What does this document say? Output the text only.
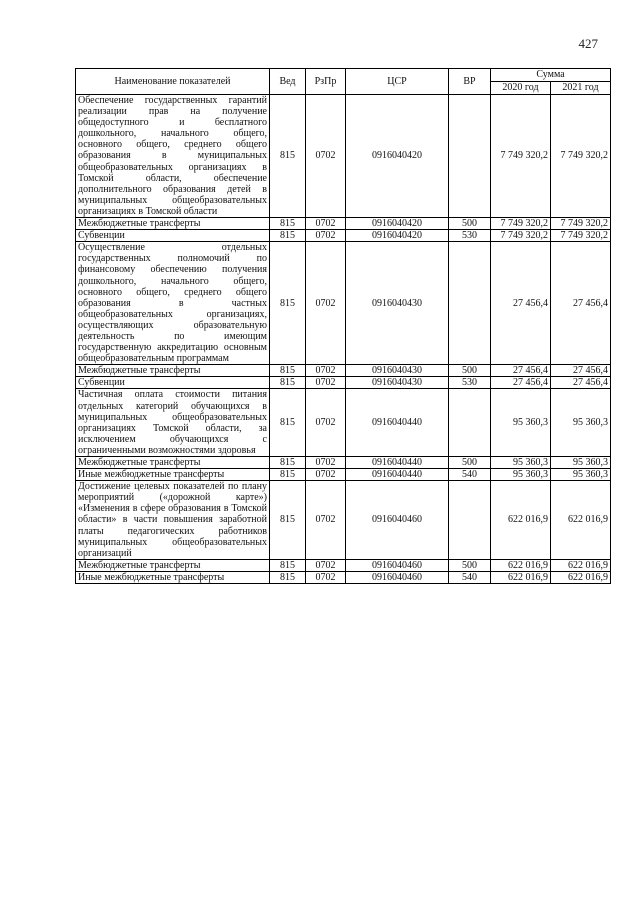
427
Наименование показателей	Вед	РзПр	ЦСР	ВР	Сумма	
					2020 год	2021 год
Обеспечение государственных гарантий реализации прав на получение общедоступного и бесплатного дошкольного, начального общего, основного общего, среднего общего образования в муниципальных общеобразовательных организациях в Томской области, обеспечение дополнительного образования детей в муниципальных общеобразовательных организациях в Томской области	815	0702	0916040420		7 749 320,2	7 749 320,2
Межбюджетные трансферты	815	0702	0916040420	500	7 749 320,2	7 749 320,2
Субвенции	815	0702	0916040420	530	7 749 320,2	7 749 320,2
Осуществление отдельных государственных полномочий по финансовому обеспечению получения дошкольного, начального общего, основного общего, среднего общего образования в частных общеобразовательных организациях, осуществляющих образовательную деятельность по имеющим государственную аккредитацию основным общеобразовательным программам	815	0702	0916040430		27 456,4	27 456,4
Межбюджетные трансферты	815	0702	0916040430	500	27 456,4	27 456,4
Субвенции	815	0702	0916040430	530	27 456,4	27 456,4
Частичная оплата стоимости питания отдельных категорий обучающихся в муниципальных общеобразовательных организациях Томской области, за исключением обучающихся с ограниченными возможностями здоровья	815	0702	0916040440		95 360,3	95 360,3
Межбюджетные трансферты	815	0702	0916040440	500	95 360,3	95 360,3
Иные межбюджетные трансферты	815	0702	0916040440	540	95 360,3	95 360,3
Достижение целевых показателей по плану мероприятий («дорожной карте») «Изменения в сфере образования в Томской области» в части повышения заработной платы педагогических работников муниципальных общеобразовательных организаций	815	0702	0916040460		622 016,9	622 016,9
Межбюджетные трансферты	815	0702	0916040460	500	622 016,9	622 016,9
Иные межбюджетные трансферты	815	0702	0916040460	540	622 016,9	622 016,9
